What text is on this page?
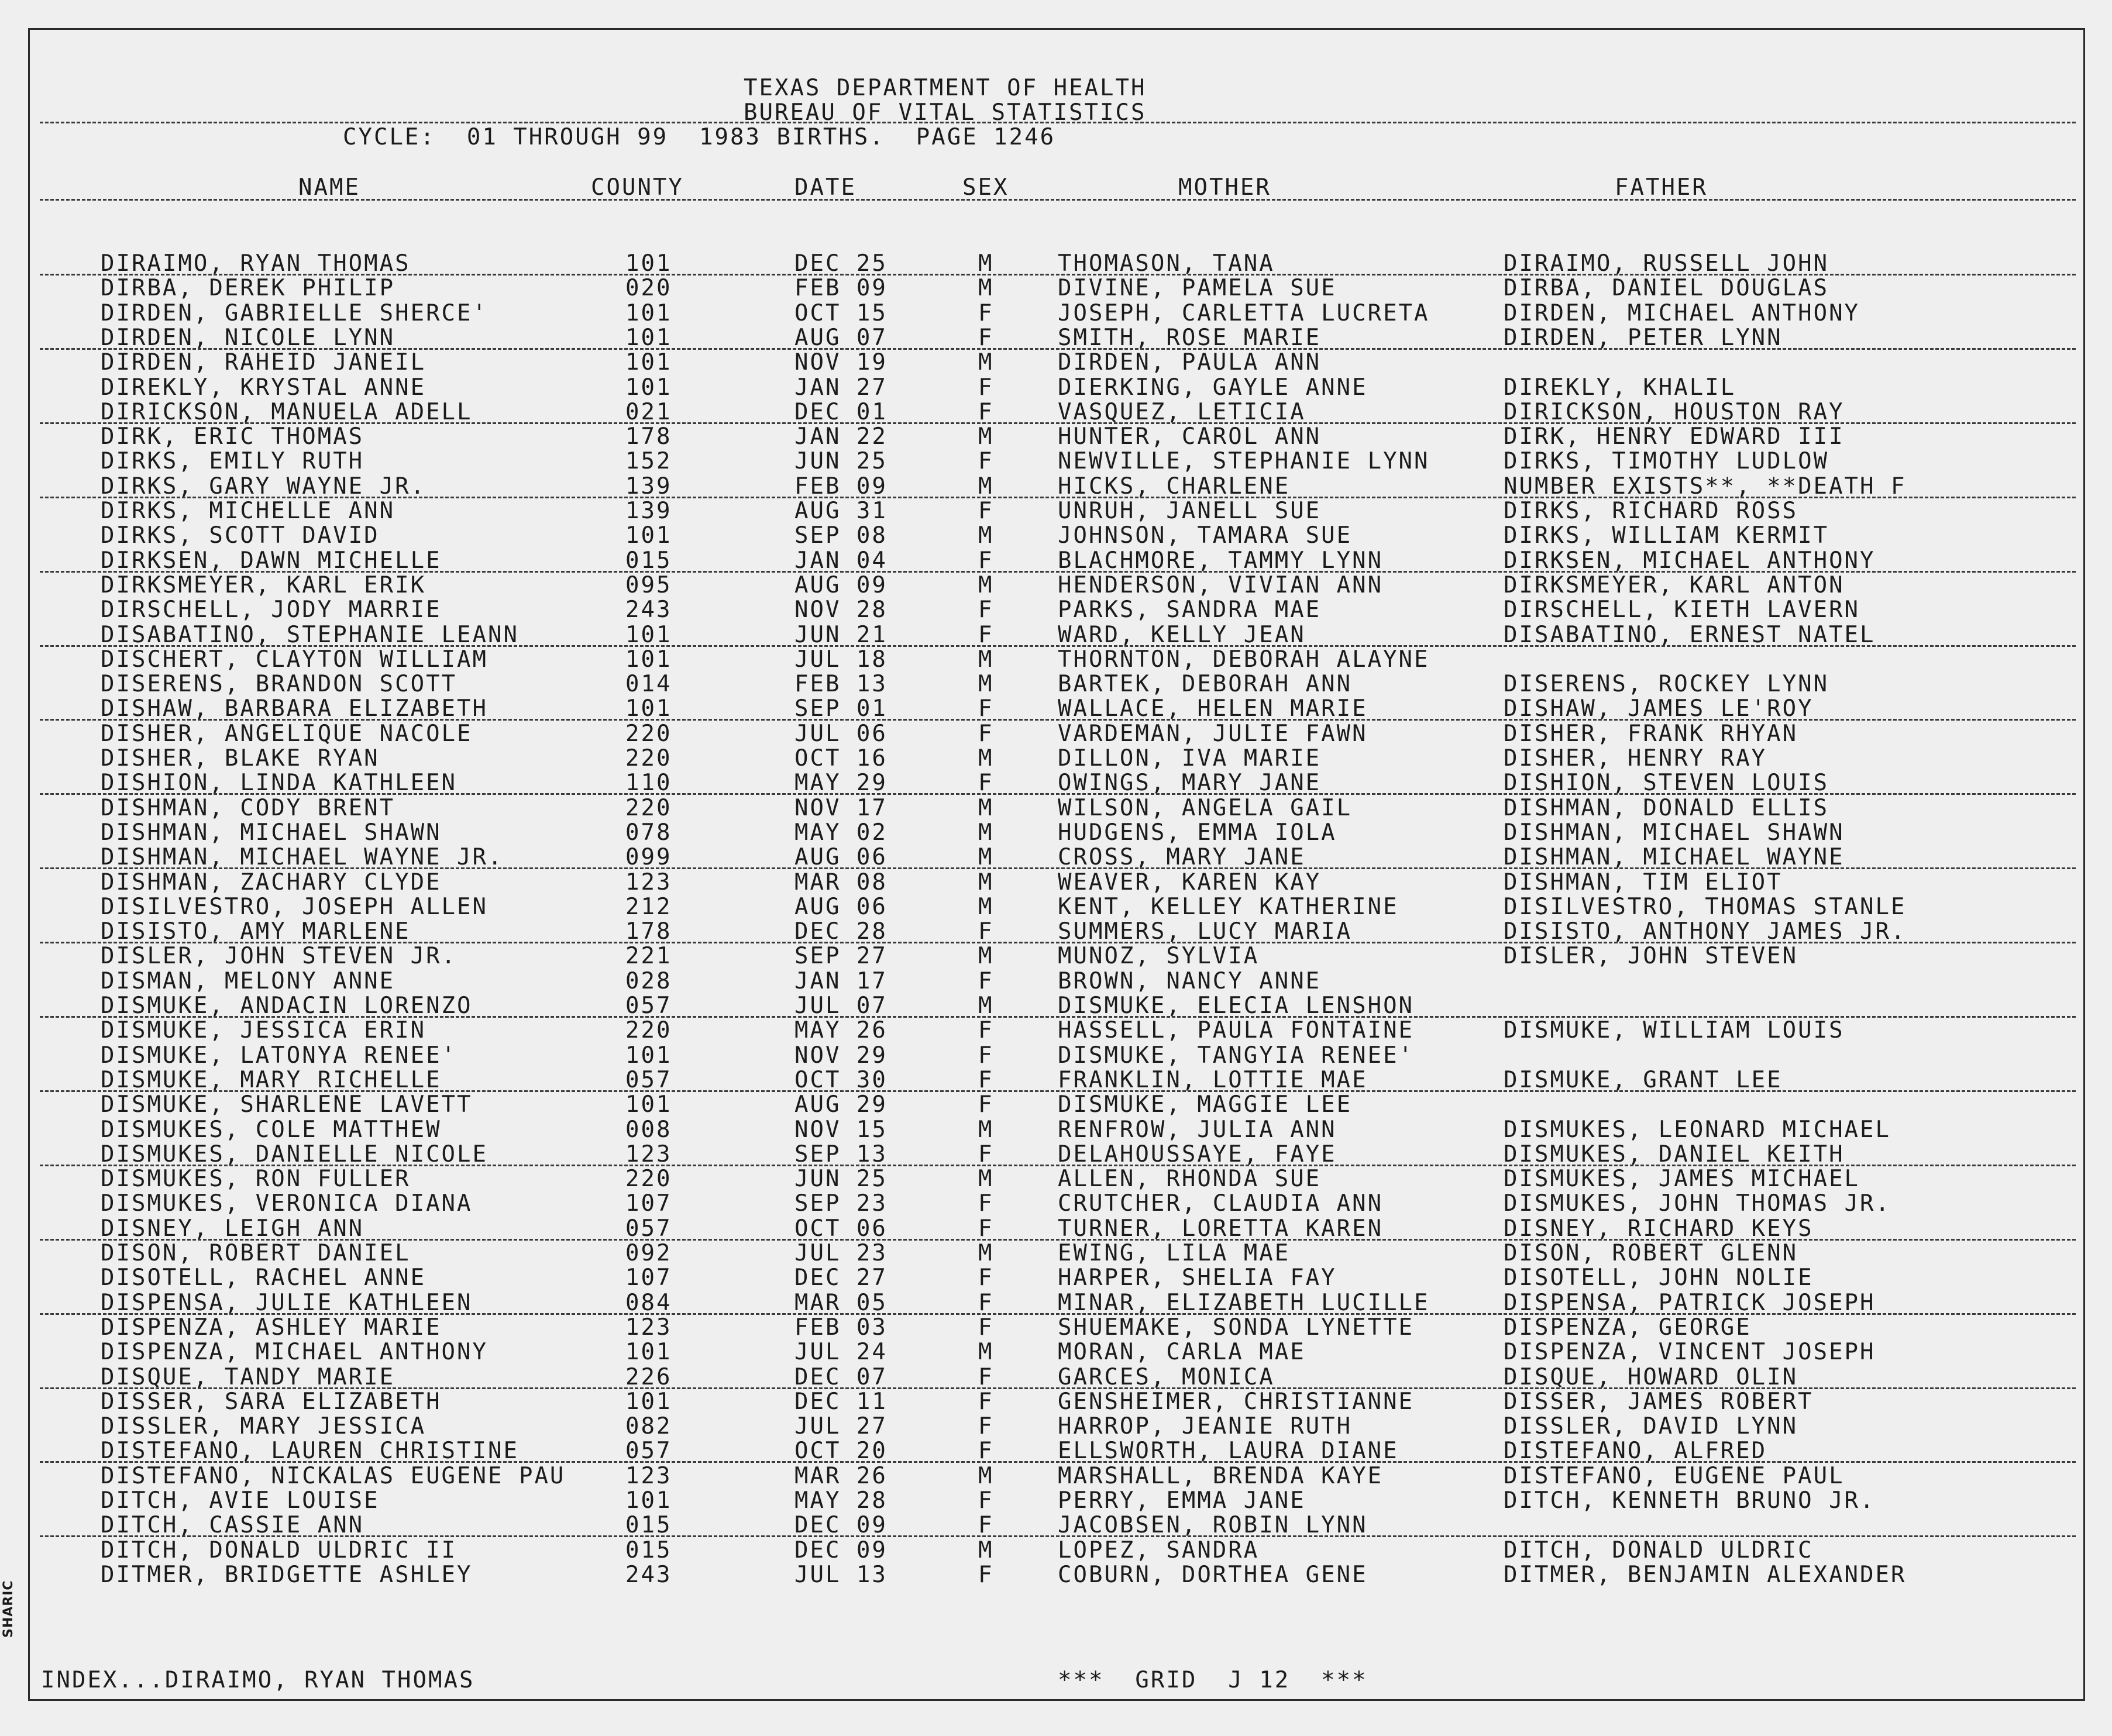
TEXAS DEPARTMENT OF HEALTH
BUREAU OF VITAL STATISTICS
CYCLE:  01 THROUGH 99  1983 BIRTHS.  PAGE 1246
NAME	COUNTY	DATE	SEX	MOTHER	FATHER
DIRAIMO, RYAN THOMAS	101	DEC 25	M	THOMASON, TANA	DIRAIMO, RUSSELL JOHN
DIRBA, DEREK PHILIP	020	FEB 09	M	DIVINE, PAMELA SUE	DIRBA, DANIEL DOUGLAS
DIRDEN, GABRIELLE SHERCE'	101	OCT 15	F	JOSEPH, CARLETTA LUCRETA	DIRDEN, MICHAEL ANTHONY
DIRDEN, NICOLE LYNN	101	AUG 07	F	SMITH, ROSE MARIE	DIRDEN, PETER LYNN
DIRDEN, RAHEID JANEIL	101	NOV 19	M	DIRDEN, PAULA ANN
DIREKLY, KRYSTAL ANNE	101	JAN 27	F	DIERKING, GAYLE ANNE	DIREKLY, KHALIL
DIRICKSON, MANUELA ADELL	021	DEC 01	F	VASQUEZ, LETICIA	DIRICKSON, HOUSTON RAY
DIRK, ERIC THOMAS	178	JAN 22	M	HUNTER, CAROL ANN	DIRK, HENRY EDWARD III
DIRKS, EMILY RUTH	152	JUN 25	F	NEWVILLE, STEPHANIE LYNN	DIRKS, TIMOTHY LUDLOW
DIRKS, GARY WAYNE JR.	139	FEB 09	M	HICKS, CHARLENE	NUMBER EXISTS**, **DEATH F
DIRKS, MICHELLE ANN	139	AUG 31	F	UNRUH, JANELL SUE	DIRKS, RICHARD ROSS
DIRKS, SCOTT DAVID	101	SEP 08	M	JOHNSON, TAMARA SUE	DIRKS, WILLIAM KERMIT
DIRKSEN, DAWN MICHELLE	015	JAN 04	F	BLACHMORE, TAMMY LYNN	DIRKSEN, MICHAEL ANTHONY
DIRKSMEYER, KARL ERIK	095	AUG 09	M	HENDERSON, VIVIAN ANN	DIRKSMEYER, KARL ANTON
DIRSCHELL, JODY MARRIE	243	NOV 28	F	PARKS, SANDRA MAE	DIRSCHELL, KIETH LAVERN
DISABATINO, STEPHANIE LEANN	101	JUN 21	F	WARD, KELLY JEAN	DISABATINO, ERNEST NATEL
DISCHERT, CLAYTON WILLIAM	101	JUL 18	M	THORNTON, DEBORAH ALAYNE
DISERENS, BRANDON SCOTT	014	FEB 13	M	BARTEK, DEBORAH ANN	DISERENS, ROCKEY LYNN
DISHAW, BARBARA ELIZABETH	101	SEP 01	F	WALLACE, HELEN MARIE	DISHAW, JAMES LE'ROY
DISHER, ANGELIQUE NACOLE	220	JUL 06	F	VARDEMAN, JULIE FAWN	DISHER, FRANK RHYAN
DISHER, BLAKE RYAN	220	OCT 16	M	DILLON, IVA MARIE	DISHER, HENRY RAY
DISHION, LINDA KATHLEEN	110	MAY 29	F	OWINGS, MARY JANE	DISHION, STEVEN LOUIS
DISHMAN, CODY BRENT	220	NOV 17	M	WILSON, ANGELA GAIL	DISHMAN, DONALD ELLIS
DISHMAN, MICHAEL SHAWN	078	MAY 02	M	HUDGENS, EMMA IOLA	DISHMAN, MICHAEL SHAWN
DISHMAN, MICHAEL WAYNE JR.	099	AUG 06	M	CROSS, MARY JANE	DISHMAN, MICHAEL WAYNE
DISHMAN, ZACHARY CLYDE	123	MAR 08	M	WEAVER, KAREN KAY	DISHMAN, TIM ELIOT
DISILVESTRO, JOSEPH ALLEN	212	AUG 06	M	KENT, KELLEY KATHERINE	DISILVESTRO, THOMAS STANLE
DISISTO, AMY MARLENE	178	DEC 28	F	SUMMERS, LUCY MARIA	DISISTO, ANTHONY JAMES JR.
DISLER, JOHN STEVEN JR.	221	SEP 27	M	MUNOZ, SYLVIA	DISLER, JOHN STEVEN
DISMAN, MELONY ANNE	028	JAN 17	F	BROWN, NANCY ANNE
DISMUKE, ANDACIN LORENZO	057	JUL 07	M	DISMUKE, ELECIA LENSHON
DISMUKE, JESSICA ERIN	220	MAY 26	F	HASSELL, PAULA FONTAINE	DISMUKE, WILLIAM LOUIS
DISMUKE, LATONYA RENEE'	101	NOV 29	F	DISMUKE, TANGYIA RENEE'
DISMUKE, MARY RICHELLE	057	OCT 30	F	FRANKLIN, LOTTIE MAE	DISMUKE, GRANT LEE
DISMUKE, SHARLENE LAVETT	101	AUG 29	F	DISMUKE, MAGGIE LEE
DISMUKES, COLE MATTHEW	008	NOV 15	M	RENFROW, JULIA ANN	DISMUKES, LEONARD MICHAEL
DISMUKES, DANIELLE NICOLE	123	SEP 13	F	DELAHOUSSAYE, FAYE	DISMUKES, DANIEL KEITH
DISMUKES, RON FULLER	220	JUN 25	M	ALLEN, RHONDA SUE	DISMUKES, JAMES MICHAEL
DISMUKES, VERONICA DIANA	107	SEP 23	F	CRUTCHER, CLAUDIA ANN	DISMUKES, JOHN THOMAS JR.
DISNEY, LEIGH ANN	057	OCT 06	F	TURNER, LORETTA KAREN	DISNEY, RICHARD KEYS
DISON, ROBERT DANIEL	092	JUL 23	M	EWING, LILA MAE	DISON, ROBERT GLENN
DISOTELL, RACHEL ANNE	107	DEC 27	F	HARPER, SHELIA FAY	DISOTELL, JOHN NOLIE
DISPENSA, JULIE KATHLEEN	084	MAR 05	F	MINAR, ELIZABETH LUCILLE	DISPENSA, PATRICK JOSEPH
DISPENZA, ASHLEY MARIE	123	FEB 03	F	SHUEMAKE, SONDA LYNETTE	DISPENZA, GEORGE
DISPENZA, MICHAEL ANTHONY	101	JUL 24	M	MORAN, CARLA MAE	DISPENZA, VINCENT JOSEPH
DISQUE, TANDY MARIE	226	DEC 07	F	GARCES, MONICA	DISQUE, HOWARD OLIN
DISSER, SARA ELIZABETH	101	DEC 11	F	GENSHEIMER, CHRISTIANNE	DISSER, JAMES ROBERT
DISSLER, MARY JESSICA	082	JUL 27	F	HARROP, JEANIE RUTH	DISSLER, DAVID LYNN
DISTEFANO, LAUREN CHRISTINE	057	OCT 20	F	ELLSWORTH, LAURA DIANE	DISTEFANO, ALFRED
DISTEFANO, NICKALAS EUGENE PAU	123	MAR 26	M	MARSHALL, BRENDA KAYE	DISTEFANO, EUGENE PAUL
DITCH, AVIE LOUISE	101	MAY 28	F	PERRY, EMMA JANE	DITCH, KENNETH BRUNO JR.
DITCH, CASSIE ANN	015	DEC 09	F	JACOBSEN, ROBIN LYNN
DITCH, DONALD ULDRIC II	015	DEC 09	M	LOPEZ, SANDRA	DITCH, DONALD ULDRIC
DITMER, BRIDGETTE ASHLEY	243	JUL 13	F	COBURN, DORTHEA GENE	DITMER, BENJAMIN ALEXANDER
INDEX...DIRAIMO, RYAN THOMAS	***  GRID  J 12  ***
SHARIC
